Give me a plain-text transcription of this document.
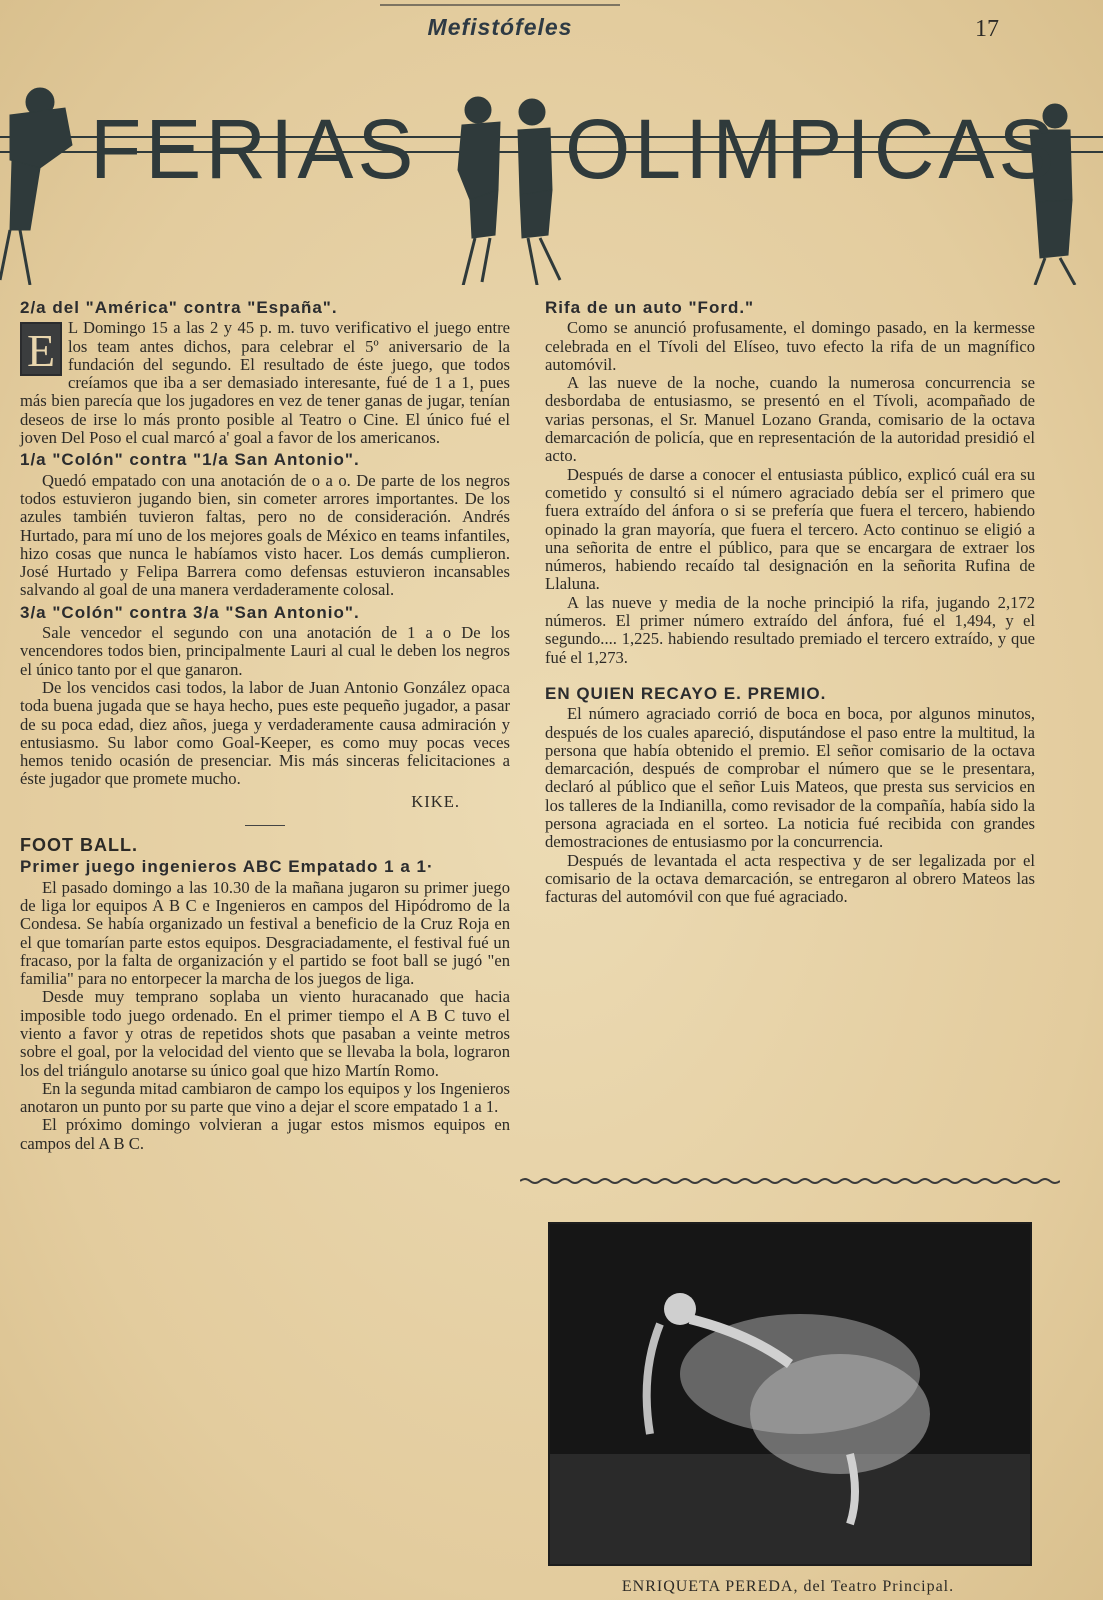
Mefistófeles	17
FERIAS OLIMPICAS
2/a del "América" contra "España".
E L Domingo 15 a las 2 y 45 p. m. tuvo verificativo el juego entre los team antes dichos, para celebrar el 5º aniversario de la fundación del segundo. El resultado de éste juego, que todos creíamos que iba a ser demasiado interesante, fué de 1 a 1, pues más bien parecía que los jugadores en vez de tener ganas de jugar, tenían deseos de irse lo más pronto posible al Teatro o Cine. El único fué el joven Del Poso el cual marcó a' goal a favor de los americanos.

1/a "Colón" contra "1/a San Antonio".

Quedó empatado con una anotación de o a o. De parte de los negros todos estuvieron jugando bien, sin cometer arrores importantes. De los azules también tuvieron faltas, pero no de consideración. Andrés Hurtado, para mí uno de los mejores goals de México en teams infantiles, hizo cosas que nunca le habíamos visto hacer. Los demás cumplieron. José Hurtado y Felipa Barrera como defensas estuvieron incansables salvando al goal de una manera verdaderamente colosal.

3/a "Colón" contra 3/a "San Antonio".

Sale vencedor el segundo con una anotación de 1 a o De los vencendores todos bien, principalmente Lauri al cual le deben los negros el único tanto por el que ganaron.

De los vencidos casi todos, la labor de Juan Antonio González opaca toda buena jugada que se haya hecho, pues este pequeño jugador, a pasar de su poca edad, diez años, juega y verdaderamente causa admiración y entusiasmo. Su labor como Goal-Keeper, es como muy pocas veces hemos tenido ocasión de presenciar. Mis más sinceras felicitaciones a éste jugador que promete mucho.

KIKE.
FOOT BALL.
Primer juego ingenieros ABC Empatado 1 a 1·

El pasado domingo a las 10.30 de la mañana jugaron su primer juego de liga lor equipos A B C e Ingenieros en campos del Hipódromo de la Condesa. Se había organizado un festival a beneficio de la Cruz Roja en el que tomarían parte estos equipos. Desgraciadamente, el festival fué un fracaso, por la falta de organización y el partido se foot ball se jugó "en familia" para no entorpecer la marcha de los juegos de liga.

Desde muy temprano soplaba un viento huracanado que hacia imposible todo juego ordenado. En el primer tiempo el A B C tuvo el viento a favor y otras de repetidos shots que pasaban a veinte metros sobre el goal, por la velocidad del viento que se llevaba la bola, lograron los del triángulo anotarse su único goal que hizo Martín Romo.

En la segunda mitad cambiaron de campo los equipos y los Ingenieros anotaron un punto por su parte que vino a dejar el score empatado 1 a 1.

El próximo domingo volvieran a jugar estos mismos equipos en campos del A B C.

Rifa de un auto "Ford."

Como se anunció profusamente, el domingo pasado, en la kermesse celebrada en el Tívoli del Elíseo, tuvo efecto la rifa de un magnífico automóvil.

A las nueve de la noche, cuando la numerosa concurrencia se desbordaba de entusiasmo, se presentó en el Tívoli, acompañado de varias personas, el Sr. Manuel Lozano Granda, comisario de la octava demarcación de policía, que en representación de la autoridad presidió el acto.

Después de darse a conocer el entusiasta público, explicó cuál era su cometido y consultó si el número agraciado debía ser el primero que fuera extraído del ánfora o si se prefería que fuera el tercero, habiendo opinado la gran mayoría, que fuera el tercero. Acto continuo se eligió a una señorita de entre el público, para que se encargara de extraer los números, habiendo recaído tal designación en la señorita Rufina de Llaluna.

A las nueve y media de la noche principió la rifa, jugando 2,172 números. El primer número extraído del ánfora, fué el 1,494, y el segundo.... 1,225. habiendo resultado premiado el tercero extraído, y que fué el 1,273.

EN QUIEN RECAYO E. PREMIO.

El número agraciado corrió de boca en boca, por algunos minutos, después de los cuales apareció, disputándose el paso entre la multitud, la persona que había obtenido el premio. El señor comisario de la octava demarcación, después de comprobar el número que se le presentara, declaró al público que el señor Luis Mateos, que presta sus servicios en los talleres de la Indianilla, como revisador de la compañía, había sido la persona agraciada en el sorteo. La noticia fué recibida con grandes demostraciones de entusiasmo por la concurrencia.

Después de levantada el acta respectiva y de ser legalizada por el comisario de la octava demarcación, se entregaron al obrero Mateos las facturas del automóvil con que fué agraciado.

ENRIQUETA PEREDA, del Teatro Principal.
